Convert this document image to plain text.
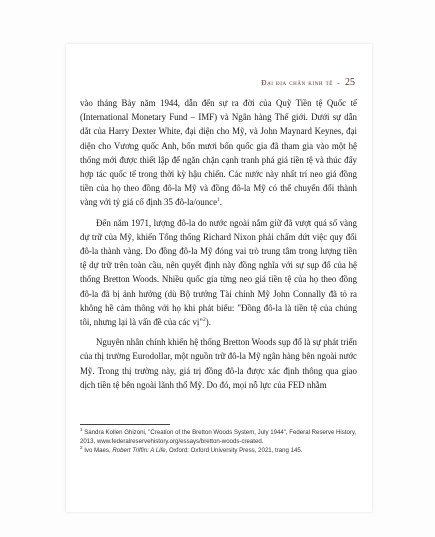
Đại địa chấn kinh tế - 25

vào tháng Bảy năm 1944, dẫn đến sự ra đời của Quỹ Tiền tệ Quốc tế (International Monetary Fund – IMF) và Ngân hàng Thế giới. Dưới sự dẫn dắt của Harry Dexter White, đại diện cho Mỹ, và John Maynard Keynes, đại diện cho Vương quốc Anh, bốn mươi bốn quốc gia đã tham gia vào một hệ thống mới được thiết lập để ngăn chặn cạnh tranh phá giá tiền tệ và thúc đẩy hợp tác quốc tế trong thời kỳ hậu chiến. Các nước này nhất trí neo giá đồng tiền của họ theo đồng đô-la Mỹ và đồng đô-la Mỹ có thể chuyển đổi thành vàng với tỷ giá cố định 35 đô-la/ounce$^1$.

Đến năm 1971, lượng đô-la do nước ngoài nắm giữ đã vượt quá số vàng dự trữ của Mỹ, khiến Tổng thống Richard Nixon phải chấm dứt việc quy đổi đô-la thành vàng. Do đồng đô-la Mỹ đóng vai trò trung tâm trong lượng tiền tệ dự trữ trên toàn cầu, nên quyết định này đồng nghĩa với sự sụp đổ của hệ thống Bretton Woods. Nhiều quốc gia từng neo giá tiền tệ của họ theo đồng đô-la đã bị ảnh hưởng (dù Bộ trưởng Tài chính Mỹ John Connally đã tỏ ra không hề cảm thông với họ khi phát biểu: "Đồng đô-la là tiền tệ của chúng tôi, nhưng lại là vấn đề của các vị"$^2$).

Nguyên nhân chính khiến hệ thống Bretton Woods sụp đổ là sự phát triển của thị trường Eurodollar, một nguồn trữ đô-la Mỹ ngân hàng bên ngoài nước Mỹ. Trong thị trường này, giá trị đồng đô-la được xác định thông qua giao dịch tiền tệ bên ngoài lãnh thổ Mỹ. Do đó, mọi nỗ lực của FED nhằm

$^1$ Sandra Kollen Ghizoni, "Creation of the Bretton Woods System, July 1944", Federal Reserve History, 2013, www.federalreservehistory.org/essays/bretton-woods-created.
$^2$ Ivo Maes, Robert Triffin: A Life, Oxford: Oxford University Press, 2021, trang 145.
